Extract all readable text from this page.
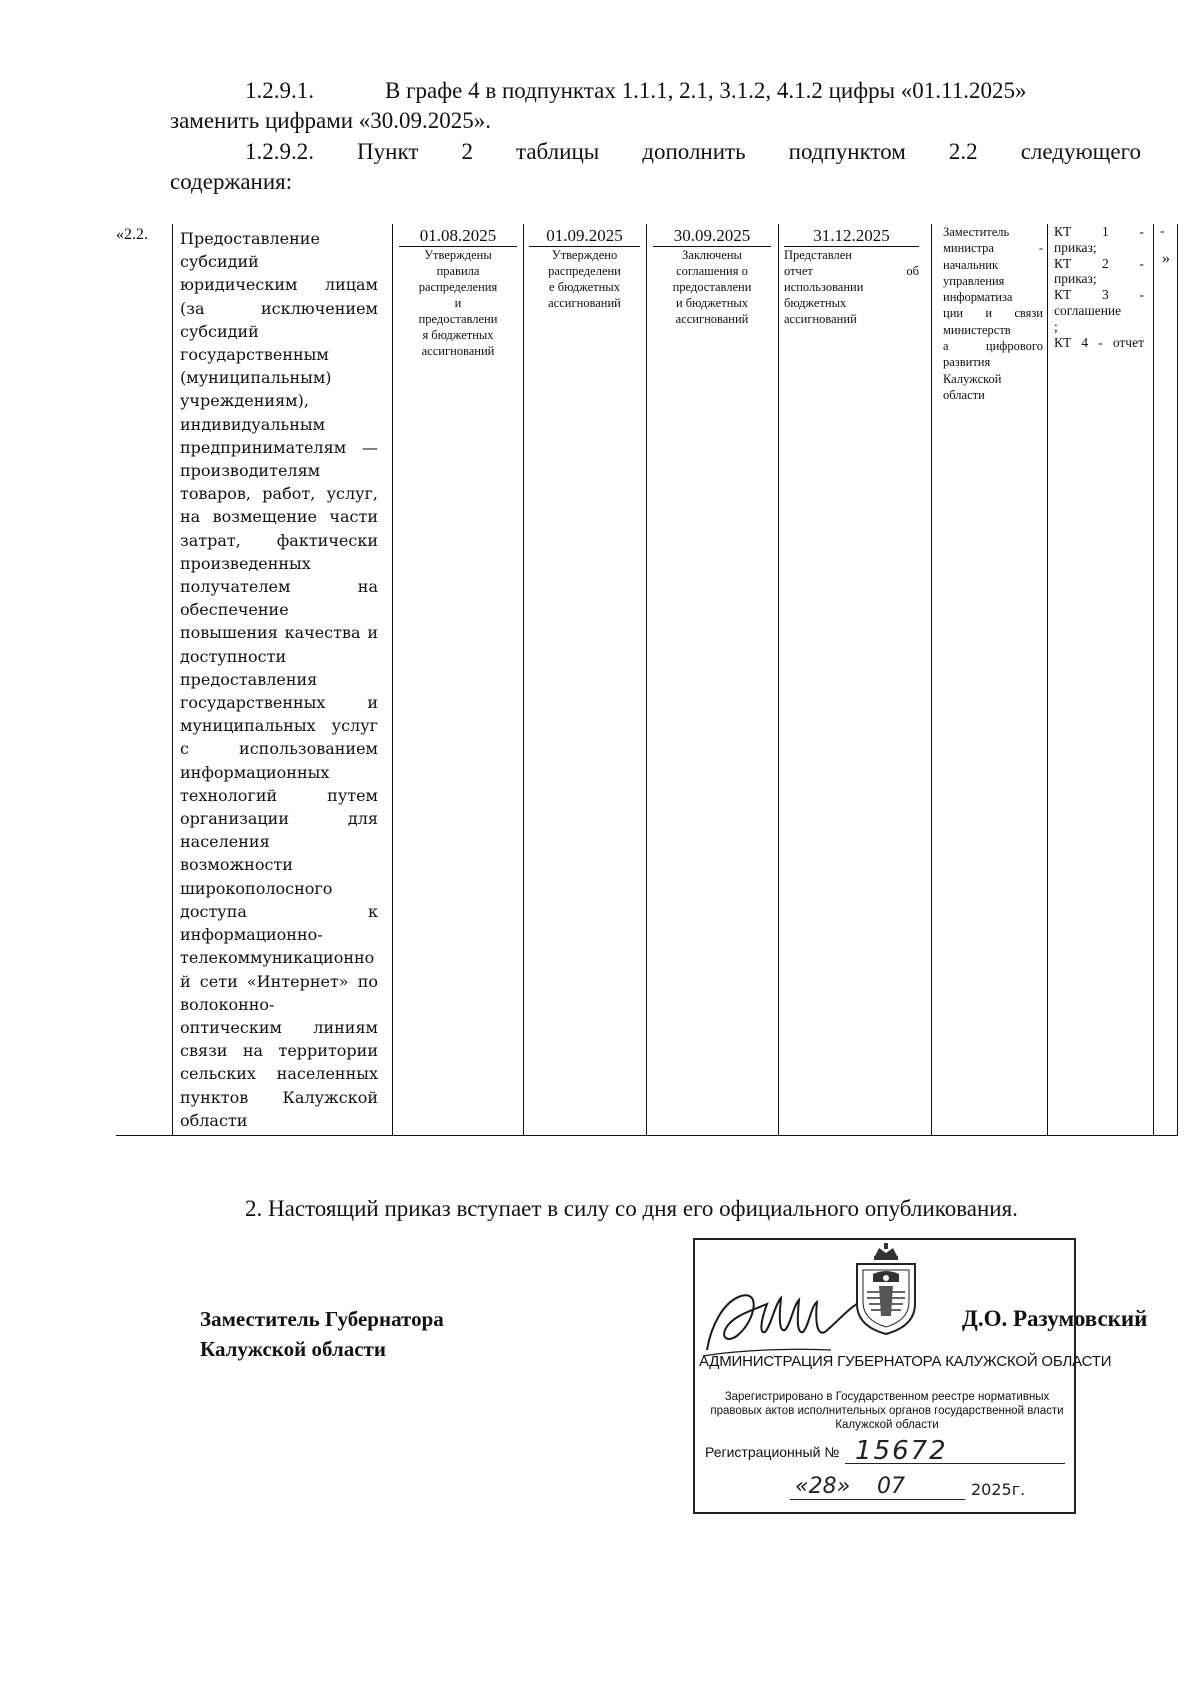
1.2.9.1.	В графе 4 в подпунктах 1.1.1, 2.1, 3.1.2, 4.1.2 цифры «01.11.2025»
заменить цифрами «30.09.2025».
1.2.9.2. Пункт 2 таблицы дополнить подпунктом 2.2 следующего
содержания:
«2.2. Предоставление
субсидий
юридическим лицам
(за исключением
субсидий
государственным
(муниципальным)
учреждениям),
индивидуальным
предпринимателям —
производителям
товаров, работ, услуг,
на возмещение части
затрат, фактически
произведенных
получателем на
обеспечение
повышения качества и
доступности
предоставления
государственных и
муниципальных услуг
с использованием
информационных
технологий путем
организации для
населения
возможности
широкополосного
доступа к
информационно-
телекоммуникационно
й сети «Интернет» по
волоконно-
оптическим линиям
связи на территории
сельских населенных
пунктов Калужской
области
01.08.2025
Утверждены
правила
распределения
и
предоставлени
я бюджетных
ассигнований
01.09.2025
Утверждено
распределени
е бюджетных
ассигнований
30.09.2025
Заключены
соглашения о
предоставлени
и бюджетных
ассигнований
31.12.2025
Представлен
отчет об
использовании
бюджетных
ассигнований
Заместитель
министра -
начальник
управления
информатиза
ции и связи
министерств
а цифрового
развития
Калужской
области
КТ 1 -
приказ;
КТ 2 -
приказ;
КТ 3 -
соглашение
;
КТ 4 - отчет
-
»
2. Настоящий приказ вступает в силу со дня его официального опубликования.
Заместитель Губернатора
Калужской области
Д.О. Разумовский
АДМИНИСТРАЦИЯ ГУБЕРНАТОРА КАЛУЖСКОЙ ОБЛАСТИ
Зарегистрировано в Государственном реестре нормативных
правовых актов исполнительных органов государственной власти
Калужской области
Регистрационный № 15672
«28» 07	2025г.
